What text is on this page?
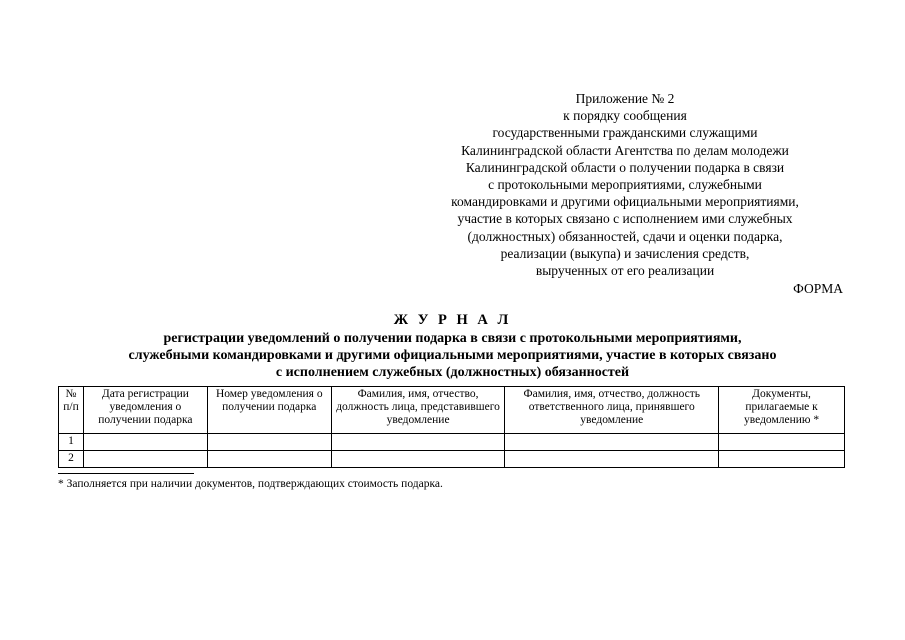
Приложение № 2
к порядку сообщения
государственными гражданскими служащими
Калининградской области Агентства по делам молодежи
Калининградской области о получении подарка в связи
с протокольными мероприятиями, служебными
командировками и другими официальными мероприятиями,
участие в которых связано с исполнением ими служебных
(должностных) обязанностей, сдачи и оценки подарка,
реализации (выкупа) и зачисления средств,
вырученных от его реализации
ФОРМА
Ж У Р Н А Л
регистрации уведомлений о получении подарка в связи с протокольными мероприятиями,
служебными командировками и другими официальными мероприятиями, участие в которых связано
с исполнением служебных (должностных) обязанностей
№ п/п	Дата регистрации уведомления о получении подарка	Номер уведомления о получении подарка	Фамилия, имя, отчество, должность лица, представившего уведомление	Фамилия, имя, отчество, должность ответственного лица, принявшего уведомление	Документы, прилагаемые к уведомлению *
1					
2					
* Заполняется при наличии документов, подтверждающих стоимость подарка.
